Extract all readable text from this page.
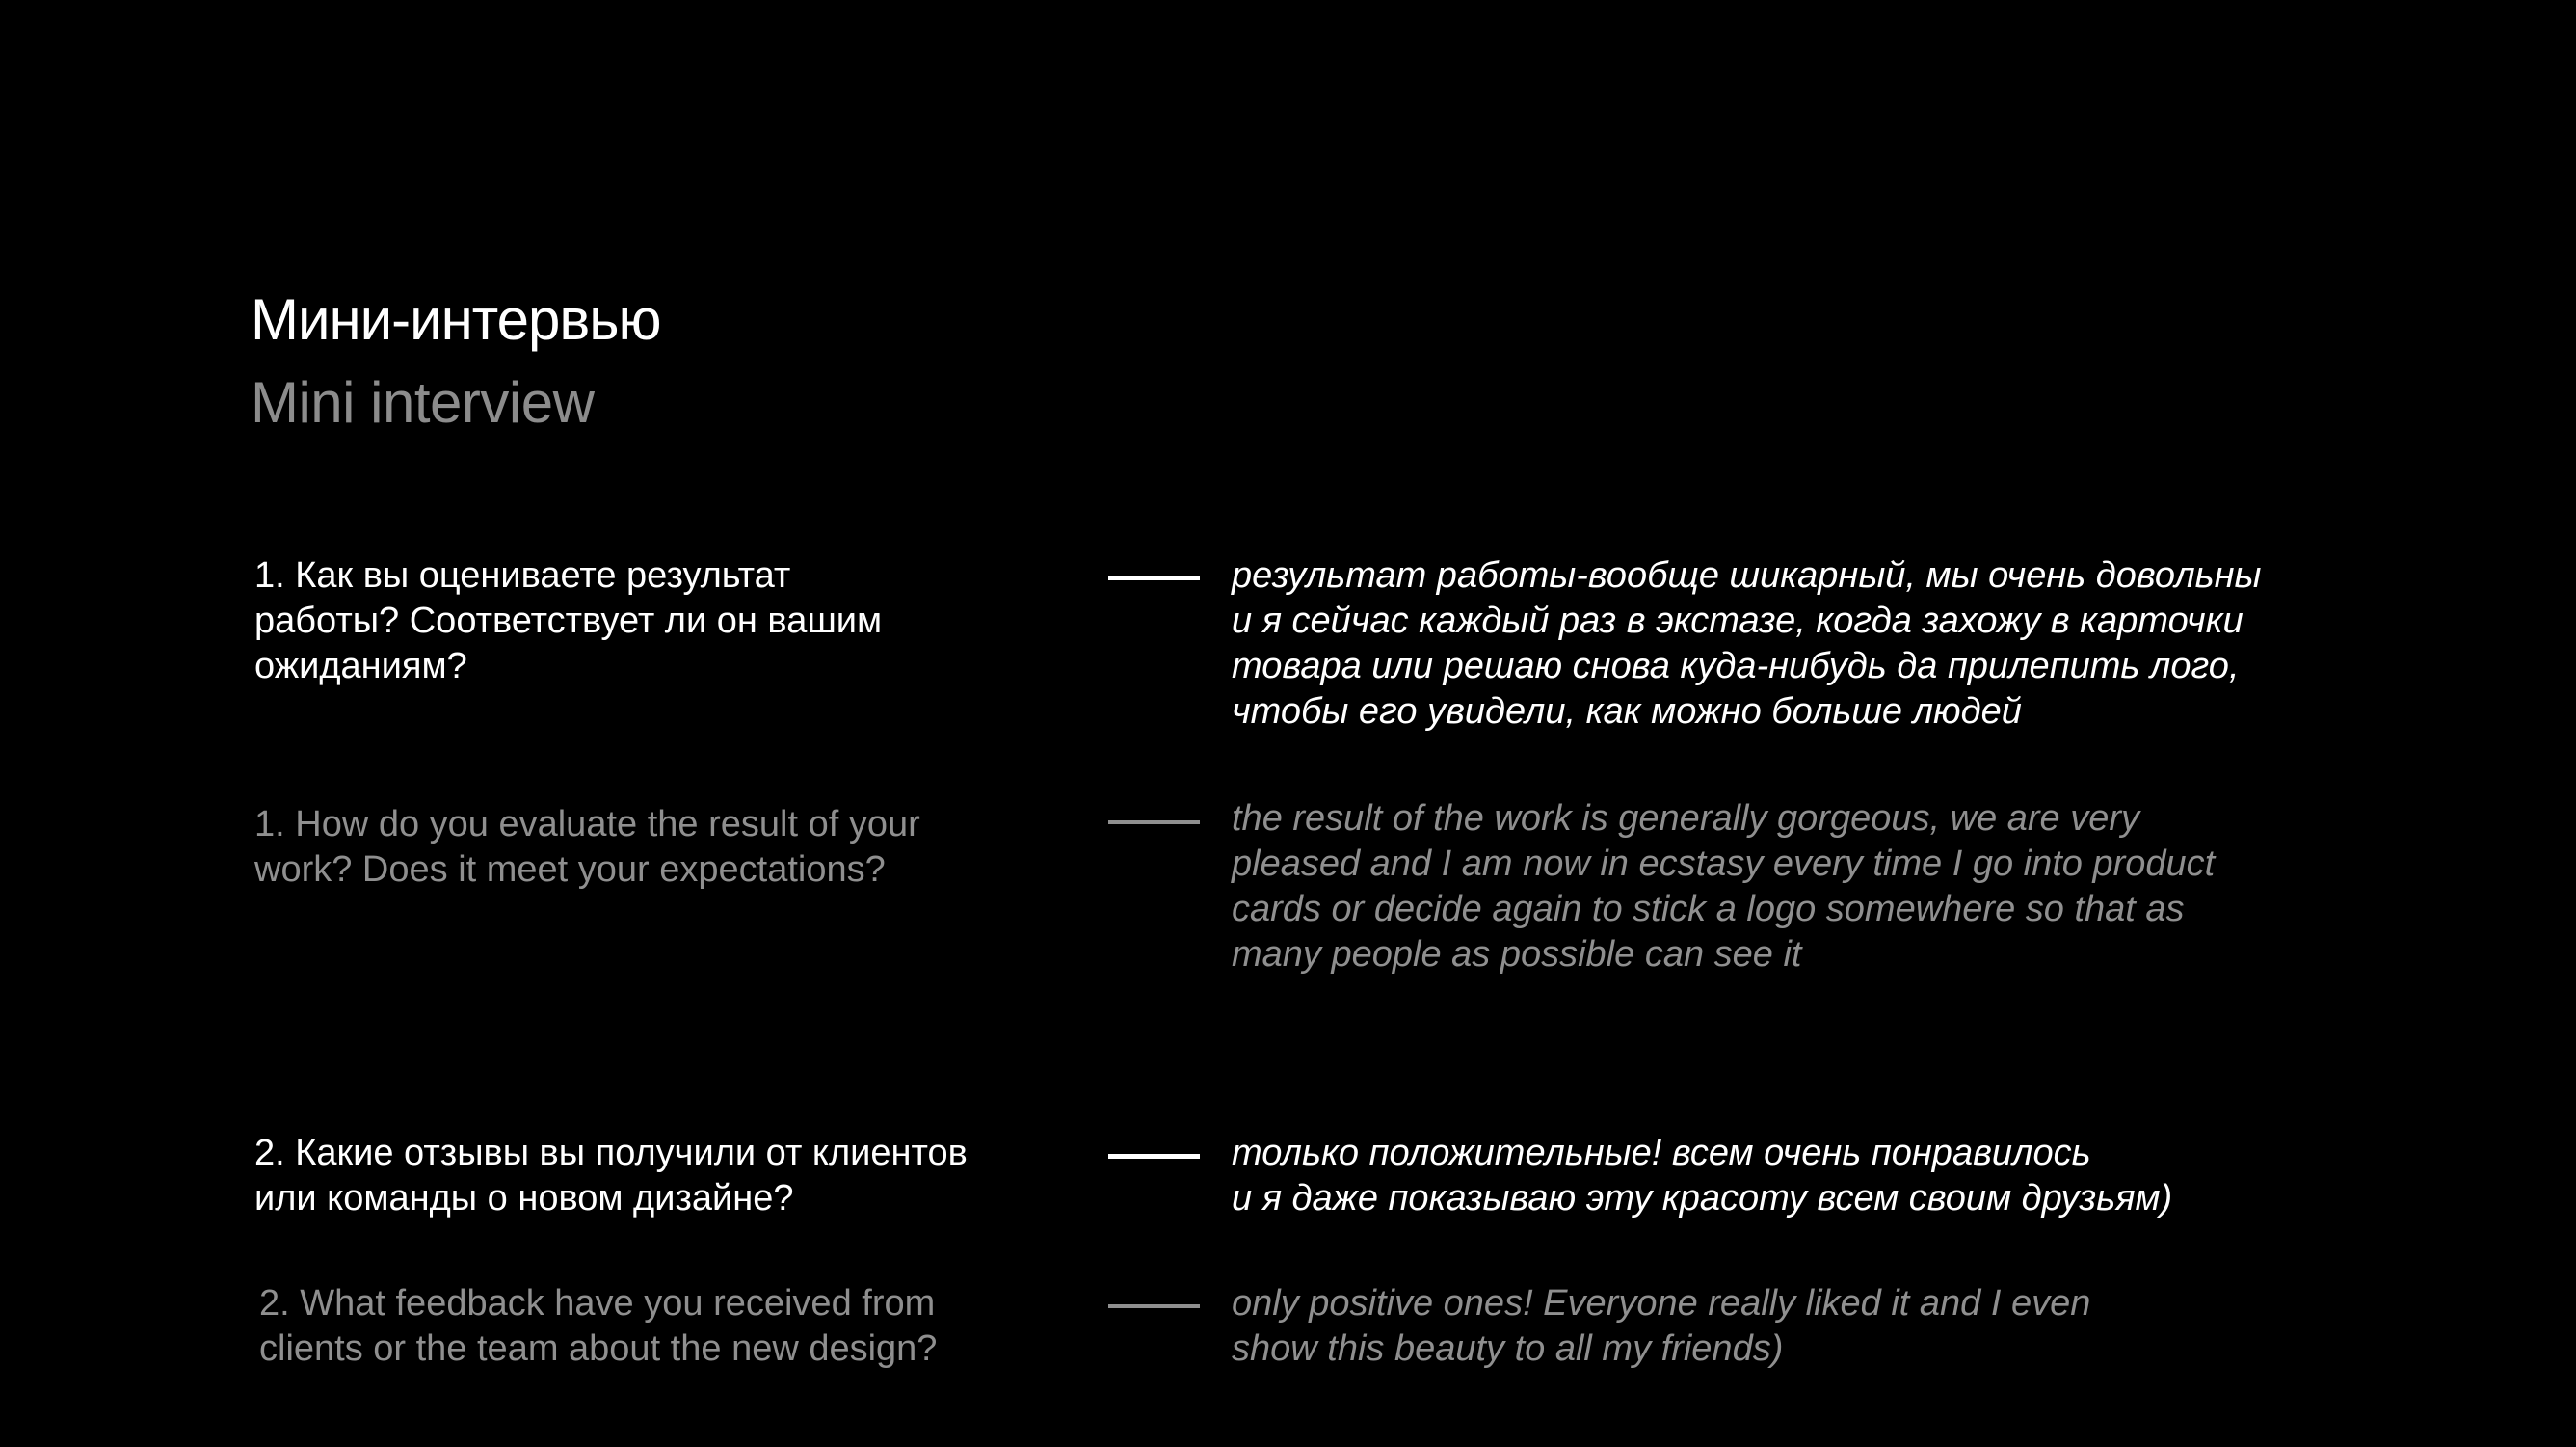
Мини-интервью
Mini interview
1. Как вы оцениваете результат
работы? Соответствует ли он вашим
ожиданиям?
результат работы-вообще шикарный, мы очень довольны
и я сейчас каждый раз в экстазе, когда захожу в карточки
товара или решаю снова куда-нибудь да прилепить лого,
чтобы его увидели, как можно больше людей
1. How do you evaluate the result of your
work? Does it meet your expectations?
the result of the work is generally gorgeous, we are very
pleased and I am now in ecstasy every time I go into product
cards or decide again to stick a logo somewhere so that as
many people as possible can see it
2. Какие отзывы вы получили от клиентов
или команды о новом дизайне?
только положительные! всем очень понравилось
и я даже показываю эту красоту всем своим друзьям)
2. What feedback have you received from
clients or the team about the new design?
only positive ones! Everyone really liked it and I even
show this beauty to all my friends)
